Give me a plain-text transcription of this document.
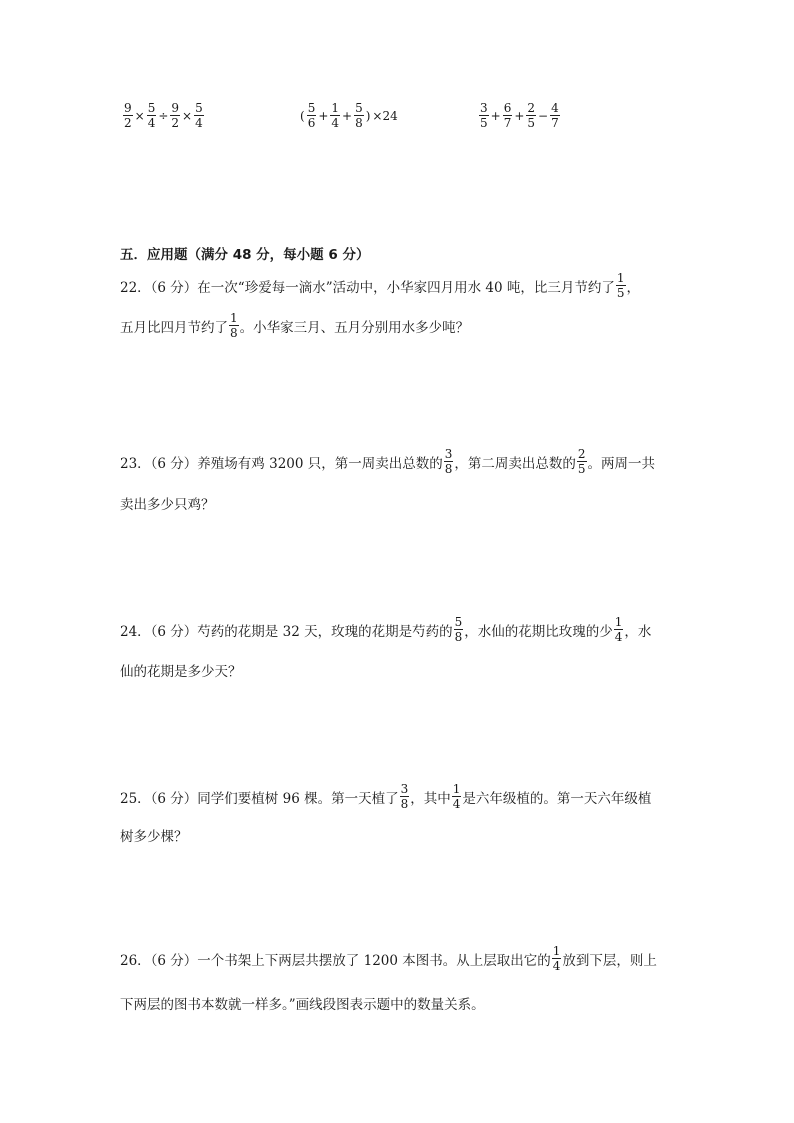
$\frac{9}{2} \times \frac{5}{4} \div \frac{9}{2} \times \frac{5}{4}$	( $\frac{5}{6} + \frac{1}{4} + \frac{5}{8}$ ) ×24	$\frac{3}{5} + \frac{6}{7} + \frac{2}{5} - \frac{4}{7}$
五．应用题（满分 48 分，每小题 6 分）
22．（6 分）在一次“珍爱每一滴水”活动中，小华家四月用水 40 吨，比三月节约了 $\frac{1}{5}$ ，
五月比四月节约了 $\frac{1}{8}$ 。小华家三月、五月分别用水多少吨？
23．（6 分）养殖场有鸡 3200 只，第一周卖出总数的 $\frac{3}{8}$ ，第二周卖出总数的 $\frac{2}{5}$ 。两周一共
卖出多少只鸡？
24．（6 分）芍药的花期是 32 天，玫瑰的花期是芍药的 $\frac{5}{8}$ ，水仙的花期比玫瑰的少 $\frac{1}{4}$ ，水
仙的花期是多少天？
25．（6 分）同学们要植树 96 棵。第一天植了 $\frac{3}{8}$ ，其中 $\frac{1}{4}$ 是六年级植的。第一天六年级植
树多少棵？
26．（6 分）一个书架上下两层共摆放了 1200 本图书。从上层取出它的 $\frac{1}{4}$ 放到下层，则上
下两层的图书本数就一样多。”画线段图表示题中的数量关系。
